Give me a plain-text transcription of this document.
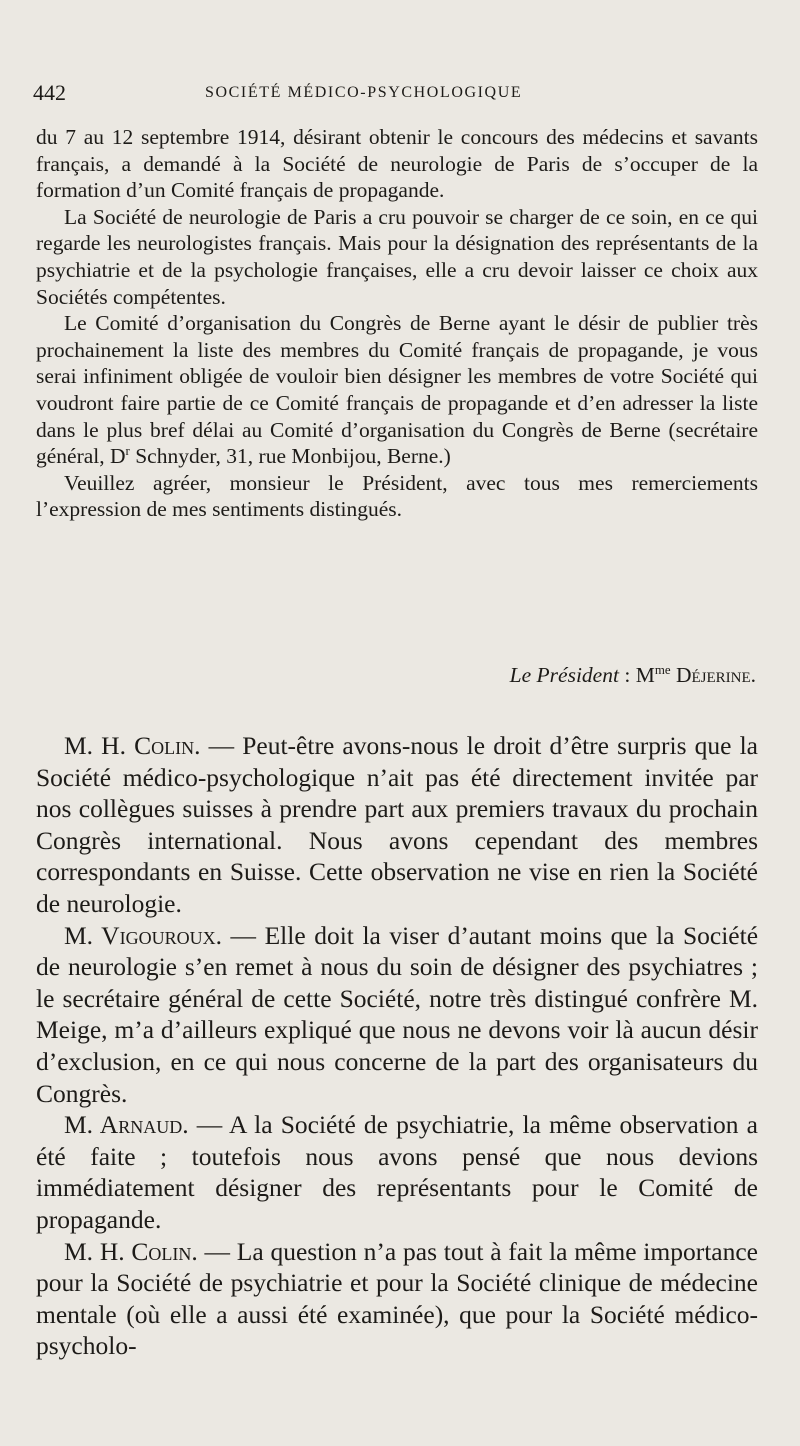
442	SOCIÉTÉ MÉDICO-PSYCHOLOGIQUE

du 7 au 12 septembre 1914, désirant obtenir le concours des médecins et savants français, a demandé à la Société de neurologie de Paris de s’occuper de la formation d’un Comité français de propagande.

La Société de neurologie de Paris a cru pouvoir se charger de ce soin, en ce qui regarde les neurologistes français. Mais pour la désignation des représentants de la psychiatrie et de la psychologie françaises, elle a cru devoir laisser ce choix aux Sociétés compétentes.

Le Comité d’organisation du Congrès de Berne ayant le désir de publier très prochainement la liste des membres du Comité français de propagande, je vous serai infiniment obligée de vouloir bien désigner les membres de votre Société qui voudront faire partie de ce Comité français de propagande et d’en adresser la liste dans le plus bref délai au Comité d’organisation du Congrès de Berne (secrétaire général, $D^r$ Schnyder, 31, rue Monbijou, Berne.)

Veuillez agréer, monsieur le Président, avec tous mes remerciements l’expression de mes sentiments distingués.

Le Président : $M^{me}$ Déjerine.

M. H. Colin. — Peut-être avons-nous le droit d’être surpris que la Société médico-psychologique n’ait pas été directement invitée par nos collègues suisses à prendre part aux premiers travaux du prochain Congrès international. Nous avons cependant des membres correspondants en Suisse. Cette observation ne vise en rien la Société de neurologie.

M. Vigouroux. — Elle doit la viser d’autant moins que la Société de neurologie s’en remet à nous du soin de désigner des psychiatres ; le secrétaire général de cette Société, notre très distingué confrère M. Meige, m’a d’ailleurs expliqué que nous ne devons voir là aucun désir d’exclusion, en ce qui nous concerne de la part des organisateurs du Congrès.

M. Arnaud. — A la Société de psychiatrie, la même observation a été faite ; toutefois nous avons pensé que nous devions immédiatement désigner des représentants pour le Comité de propagande.

M. H. Colin. — La question n’a pas tout à fait la même importance pour la Société de psychiatrie et pour la Société clinique de médecine mentale (où elle a aussi été examinée), que pour la Société médico-psycholo-
